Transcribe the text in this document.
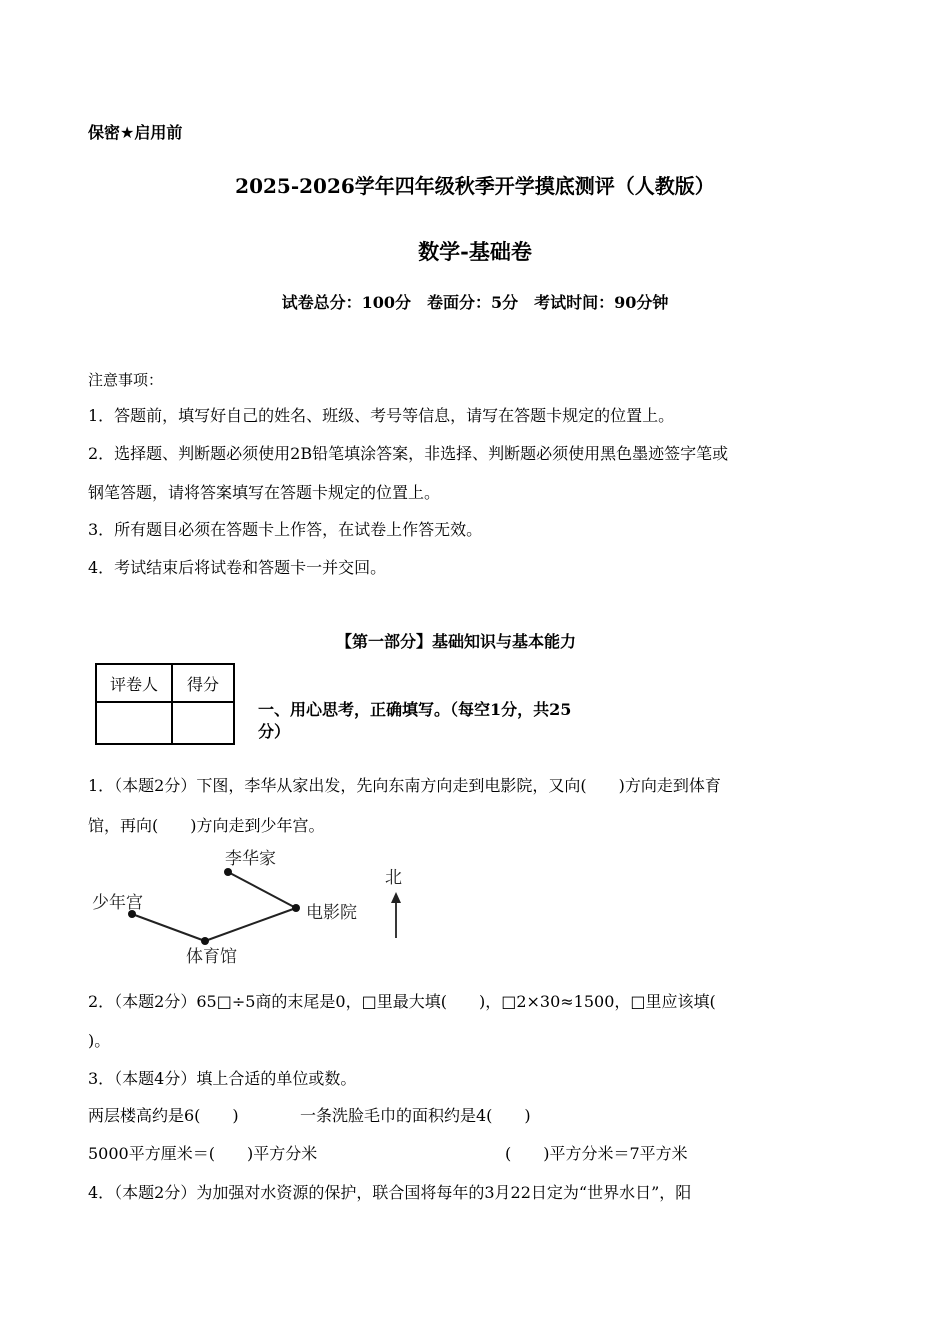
保密★启用前
2025-2026学年四年级秋季开学摸底测评（人教版）
数学-基础卷
试卷总分：100分　卷面分：5分　考试时间：90分钟
注意事项：
1．答题前，填写好自己的姓名、班级、考号等信息，请写在答题卡规定的位置上。
2．选择题、判断题必须使用2B铅笔填涂答案，非选择、判断题必须使用黑色墨迹签字笔或
钢笔答题，请将答案填写在答题卡规定的位置上。
3．所有题目必须在答题卡上作答，在试卷上作答无效。
4．考试结束后将试卷和答题卡一并交回。
【第一部分】基础知识与基本能力
评卷人	得分

一、用心思考，正确填写。（每空1分，共25
分）
1．（本题2分）下图，李华从家出发，先向东南方向走到电影院，又向(　　)方向走到体育
馆，再向(　　)方向走到少年宫。
李华家
电影院
体育馆
少年宫
北
2．（本题2分）65□÷5商的末尾是0，□里最大填(　　)，□2×30≈1500，□里应该填(
)。
3．（本题4分）填上合适的单位或数。
两层楼高约是6(　　)	一条洗脸毛巾的面积约是4(　　)
5000平方厘米＝(　　)平方分米	(　　)平方分米＝7平方米
4．（本题2分）为加强对水资源的保护，联合国将每年的3月22日定为“世界水日”，阳
